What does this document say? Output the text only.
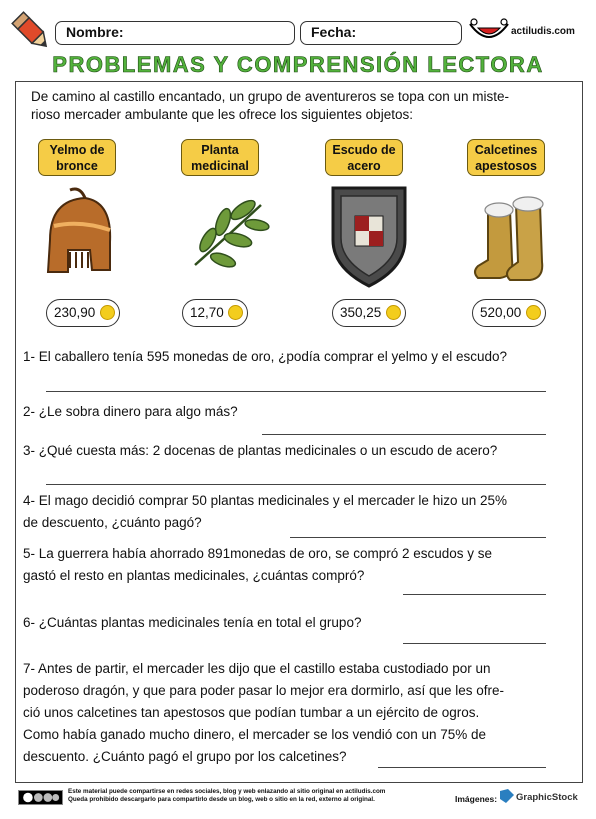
Nombre:	Fecha:	actiludis.com
PROBLEMAS Y COMPRENSIÓN LECTORA
De camino al castillo encantado, un grupo de aventureros se topa con un miste-
rioso mercader ambulante que les ofrece los siguientes objetos:
Yelmo de
bronce
Planta
medicinal
Escudo de
acero
Calcetines
apestosos
230,90	12,70	350,25	520,00
1- El caballero tenía 595 monedas de oro, ¿podía comprar el yelmo y el escudo?
2- ¿Le sobra dinero para algo más?
3- ¿Qué cuesta más: 2 docenas de plantas medicinales o un escudo de acero?
4- El mago decidió comprar 50 plantas medicinales y el mercader le hizo un 25%
de descuento, ¿cuánto pagó?
5- La guerrera había ahorrado 891monedas de oro, se compró 2 escudos y se
gastó el resto en plantas medicinales, ¿cuántas compró?
6- ¿Cuántas plantas medicinales tenía en total el grupo?
7- Antes de partir, el mercader les dijo que el castillo estaba custodiado por un
poderoso dragón, y que para poder pasar lo mejor era dormirlo, así que les ofre-
ció unos calcetines tan apestosos que podían tumbar a un ejército de ogros.
Como había ganado mucho dinero, el mercader se los vendió con un 75% de
descuento. ¿Cuánto pagó el grupo por los calcetines?
Este material puede compartirse en redes sociales, blog y web enlazando al sitio original en actiludis.com
Queda prohibido descargarlo para compartirlo desde un blog, web o sitio en la red, externo al original.	Imágenes:	GraphicStock
